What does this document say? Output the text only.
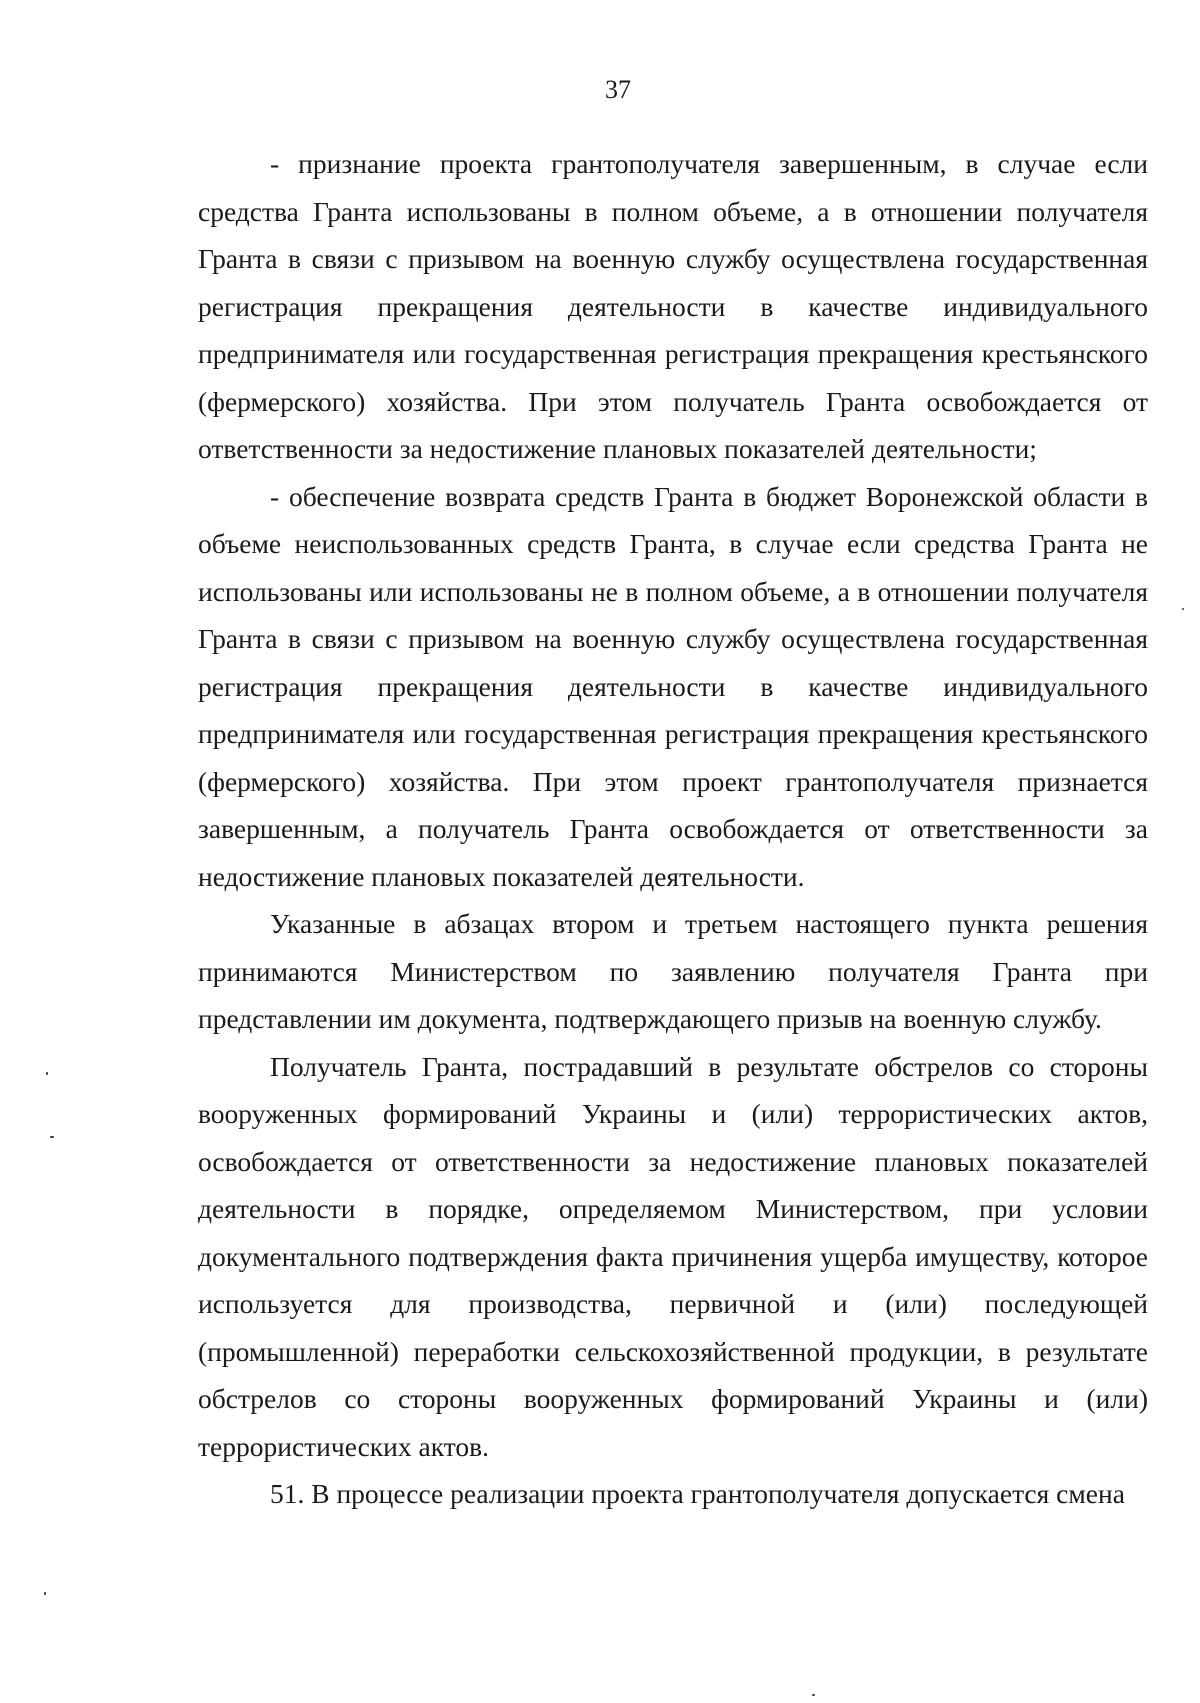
37

- признание проекта грантополучателя завершенным, в случае если средства Гранта использованы в полном объеме, а в отношении получателя Гранта в связи с призывом на военную службу осуществлена государственная регистрация прекращения деятельности в качестве индивидуального предпринимателя или государственная регистрация прекращения крестьянского (фермерского) хозяйства. При этом получатель Гранта освобождается от ответственности за недостижение плановых показателей деятельности;

- обеспечение возврата средств Гранта в бюджет Воронежской области в объеме неиспользованных средств Гранта, в случае если средства Гранта не использованы или использованы не в полном объеме, а в отношении получателя Гранта в связи с призывом на военную службу осуществлена государственная регистрация прекращения деятельности в качестве индивидуального предпринимателя или государственная регистрация прекращения крестьянского (фермерского) хозяйства. При этом проект грантополучателя признается завершенным, а получатель Гранта освобождается от ответственности за недостижение плановых показателей деятельности.

Указанные в абзацах втором и третьем настоящего пункта решения принимаются Министерством по заявлению получателя Гранта при представлении им документа, подтверждающего призыв на военную службу.

Получатель Гранта, пострадавший в результате обстрелов со стороны вооруженных формирований Украины и (или) террористических актов, освобождается от ответственности за недостижение плановых показателей деятельности в порядке, определяемом Министерством, при условии документального подтверждения факта причинения ущерба имуществу, которое используется для производства, первичной и (или) последующей (промышленной) переработки сельскохозяйственной продукции, в результате обстрелов со стороны вооруженных формирований Украины и (или) террористических актов.

51. В процессе реализации проекта грантополучателя допускается смена
